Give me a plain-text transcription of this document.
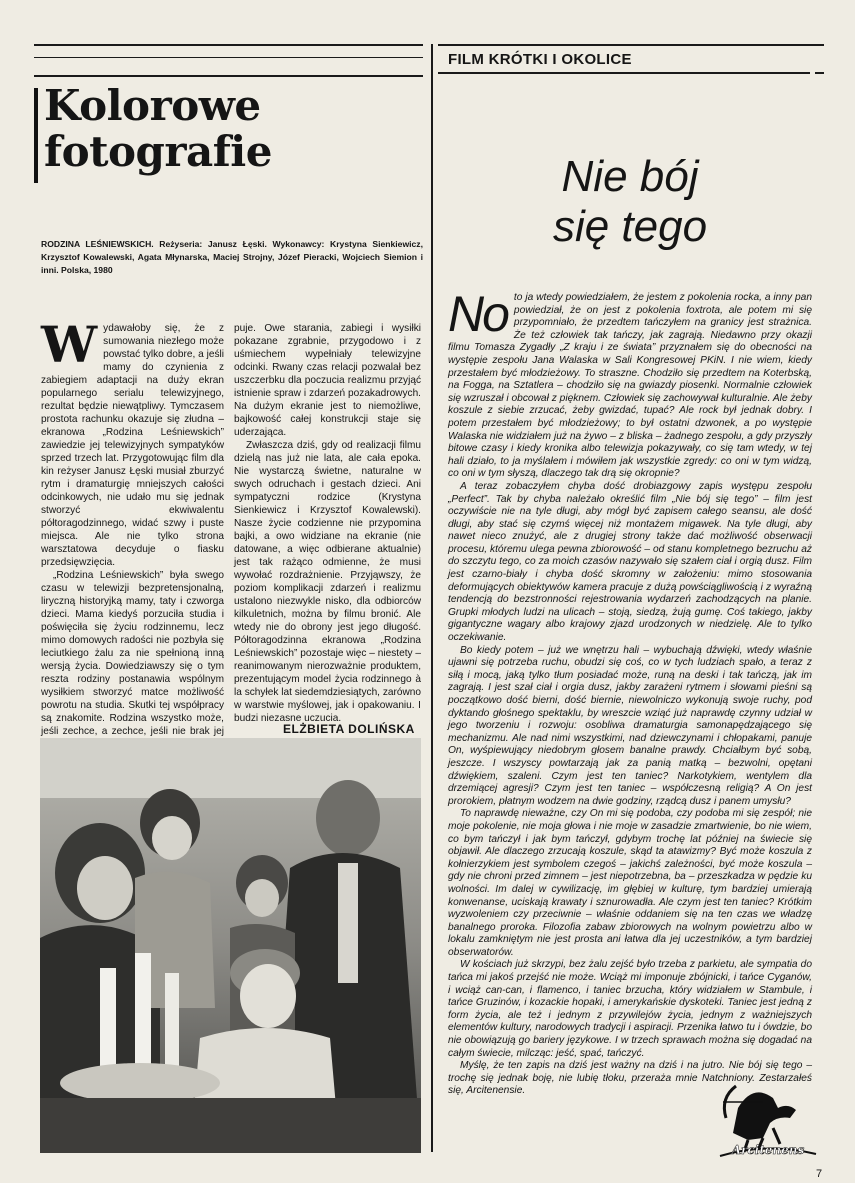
FILM KRÓTKI I OKOLICE
Kolorowe
fotografie
RODZINA LEŚNIEWSKICH. Reżyseria: Janusz Łęski. Wykonawcy: Krystyna Sienkiewicz, Krzysztof Kowalewski, Agata Młynarska, Maciej Strojny, Józef Pieracki, Wojciech Siemion i inni. Polska, 1980

Wydawałoby się, że z sumowania niezłego może powstać tylko dobre, a jeśli mamy do czynienia z zabiegiem adaptacji na duży ekran popularnego serialu telewizyjnego, rezultat będzie niewątpliwy. Tymczasem prostota rachunku okazuje się złudna – ekranowa „Rodzina Leśniewskich” zawiedzie jej telewizyjnych sympatyków sprzed trzech lat. Przygotowując film dla kin reżyser Janusz Łęski musiał zburzyć rytm i dramaturgię mniejszych całości odcinkowych, nie udało mu się jednak stworzyć ekwiwalentu półtoragodzinnego, widać szwy i puste miejsca. Ale nie tylko strona warsztatowa decyduje o fiasku przedsięwzięcia.

„Rodzina Leśniewskich” była swego czasu w telewizji bezpretensjonalną, liryczną historyjką mamy, taty i czworga dzieci. Mama kiedyś porzuciła studia i poświęciła się życiu rodzinnemu, lecz mimo domowych radości nie pozbyła się leciutkiego żalu za nie spełnioną inną wersją życia. Dowiedziawszy się o tym reszta rodziny postanawia wspólnym wysiłkiem stworzyć matce możliwość powrotu na studia. Skutki tej współpracy są znakomite. Rodzina wszystko może, jeśli zechce, a zechce, jeśli nie brak jej

puje. Owe starania, zabiegi i wysiłki pokazane zgrabnie, przygodowo i z uśmiechem wypełniały telewizyjne odcinki. Rwany czas relacji pozwalał bez uszczerbku dla poczucia realizmu przyjąć istnienie spraw i zdarzeń pozakadrowych. Na dużym ekranie jest to niemożliwe, bajkowość całej konstrukcji staje się uderzająca.

Zwłaszcza dziś, gdy od realizacji filmu dzielą nas już nie lata, ale cała epoka. Nie wystarczą świetne, naturalne w swych odruchach i gestach dzieci. Ani sympatyczni rodzice (Krystyna Sienkiewicz i Krzysztof Kowalewski). Nasze życie codzienne nie przypomina bajki, a owo widziane na ekranie (nie datowane, a więc odbierane aktualnie) jest tak rażąco odmienne, że musi wywołać rozdrażnienie. Przyjąwszy, że poziom komplikacji zdarzeń i realizmu ustalono niezwykle nisko, dla odbiorców kilkuletnich, można by filmu bronić. Ale wtedy nie do obrony jest jego długość. Półtoragodzinna ekranowa „Rodzina Leśniewskich” pozostaje więc – niestety – reanimowanym nierozważnie produktem, prezentującym model życia rodzinnego à la schyłek lat siedemdziesiątych, zarówno w warstwie myślowej, jak i opakowaniu. I budzi niezasne uczucia.

ELŻBIETA DOLIŃSKA
Nie bój
się tego

No to ja wtedy powiedziałem, że jestem z pokolenia rocka, a inny pan powiedział, że on jest z pokolenia foxtrota, ale potem mi się przypomniało, że przedtem tańczyłem na granicy jest strażnica. Że też człowiek tak tańczy, jak zagrają. Niedawno przy okazji filmu Tomasza Zygadły „Z kraju i ze świata” przyznałem się do obecności na występie zespołu Jana Walaska w Sali Kongresowej PKiN. I nie wiem, kiedy przestałem być młodzieżowy. To straszne. Chodziło się przedtem na Koterbską, na Fogga, na Sztatlera – chodziło się na gwiazdy piosenki. Normalnie człowiek się wzruszał i obcował z pięknem. Człowiek się zachowywał kulturalnie. Ale żeby koszule z siebie zrzucać, żeby gwizdać, tupać? Ale rock był jednak dobry. I potem przestałem być młodzieżowy; to był ostatni dzwonek, a po występie Walaska nie widziałem już na żywo – z bliska – żadnego zespołu, a gdy przyszły bitowe czasy i kiedy kronika albo telewizja pokazywały, co się tam wtedy, w tej hali działo, to ja myślałem i mówiłem jak wszystkie zgredy: co oni w tym widzą, co oni w tym słyszą, dlaczego tak drą się okropnie?

A teraz zobaczyłem chyba dość drobiazgowy zapis występu zespołu „Perfect”. Tak by chyba należało określić film „Nie bój się tego” – film jest oczywiście nie na tyle długi, aby mógł być zapisem całego seansu, ale dość długi, aby stać się czymś więcej niż montażem migawek. Na tyle długi, aby nawet nieco znużyć, ale z drugiej strony także dać możliwość obserwacji procesu, któremu ulega pewna zbiorowość – od stanu kompletnego bezruchu aż do szczytu tego, co za moich czasów nazywało się szałem ciał i orgią dusz. Film jest czarno-biały i chyba dość skromny w założeniu: mimo stosowania deformujących obiektywów kamera pracuje z dużą powściągliwością i z wyraźną tendencją do bezstronności rejestrowania wydarzeń zachodzących na planie. Grupki młodych ludzi na ulicach – stoją, siedzą, żują gumę. Coś takiego, jakby gigantyczne wagary albo krajowy zjazd urodzonych w niedzielę. Ale to tylko oczekiwanie.

Bo kiedy potem – już we wnętrzu hali – wybuchają dźwięki, wtedy właśnie ujawni się potrzeba ruchu, obudzi się coś, co w tych ludziach spało, a teraz z siłą i mocą, jaką tylko tłum posiadać może, runą na deski i tak tańczą, jak im zagrają. I jest szał ciał i orgia dusz, jakby zarażeni rytmem i słowami pieśni są początkowo dość bierni, dość biernie, niewolniczo wykonują swoje ruchy, pod dyktando głośnego spektaklu, by wreszcie wziąć już naprawdę czynny udział w jego tworzeniu i rozwoju: osobliwa dramaturgia samonapędzającego się mechanizmu. Ale nad nimi wszystkimi, nad dziewczynami i chłopakami, panuje On, wyśpiewujący niedobrym głosem banalne prawdy. Chciałbym być sobą, jeszcze. I wszyscy powtarzają jak za panią matką – bezwolni, opętani dźwiękiem, szaleni. Czym jest ten taniec? Narkotykiem, wentylem dla drzemiącej agresji? Czym jest ten taniec – współczesną religią? A On jest prorokiem, płatnym wodzem na dwie godziny, rządcą dusz i panem umysłu?

To naprawdę nieważne, czy On mi się podoba, czy podoba mi się zespół; nie moje pokolenie, nie moja głowa i nie moje w zasadzie zmartwienie, bo nie wiem, co bym tańczył i jak bym tańczył, gdybym trochę lat później na świecie się objawił. Ale dlaczego zrzucają koszule, skąd ta atawizmy? Być może koszula z kołnierzykiem jest symbolem czegoś – jakichś zależności, być może koszula – gdy nie chroni przed zimnem – jest niepotrzebna, ba – przeszkadza w pędzie ku wolności. Im dalej w cywilizację, im głębiej w kulturę, tym bardziej umierają konwenanse, uciskają krawaty i sznurowadła. Ale czym jest ten taniec? Krótkim wyzwoleniem czy przeciwnie – właśnie oddaniem się na ten czas we władzę banalnego proroka. Filozofia zabaw zbiorowych na wolnym powietrzu albo w lokalu zamkniętym nie jest prosta ani łatwa dla jej uczestników, a tym bardziej obserwatorów.

W kościach już skrzypi, bez żalu zejść było trzeba z parkietu, ale sympatia do tańca mi jakoś przejść nie może. Wciąż mi imponuje zbójnicki, i tańce Cyganów, i wciąż can-can, i flamenco, i taniec brzucha, który widziałem w Stambule, i tańce Gruzinów, i kozackie hopaki, i amerykańskie dyskoteki. Taniec jest jedną z form życia, ale też i jednym z przywilejów życia, jednym z ważniejszych elementów kultury, narodowych tradycji i aspiracji. Przenika łatwo tu i ówdzie, bo nie obowiązują go bariery językowe. I w trzech sprawach można się dogadać na całym świecie, milcząc: jeść, spać, tańczyć.

Myślę, że ten zapis na dziś jest ważny na dziś i na jutro. Nie bój się tego – trochę się jednak boję, nie lubię tłoku, przeraża mnie Natchniony. Zestarzałeś się, Arcitenensie.

Arcitenens
7
